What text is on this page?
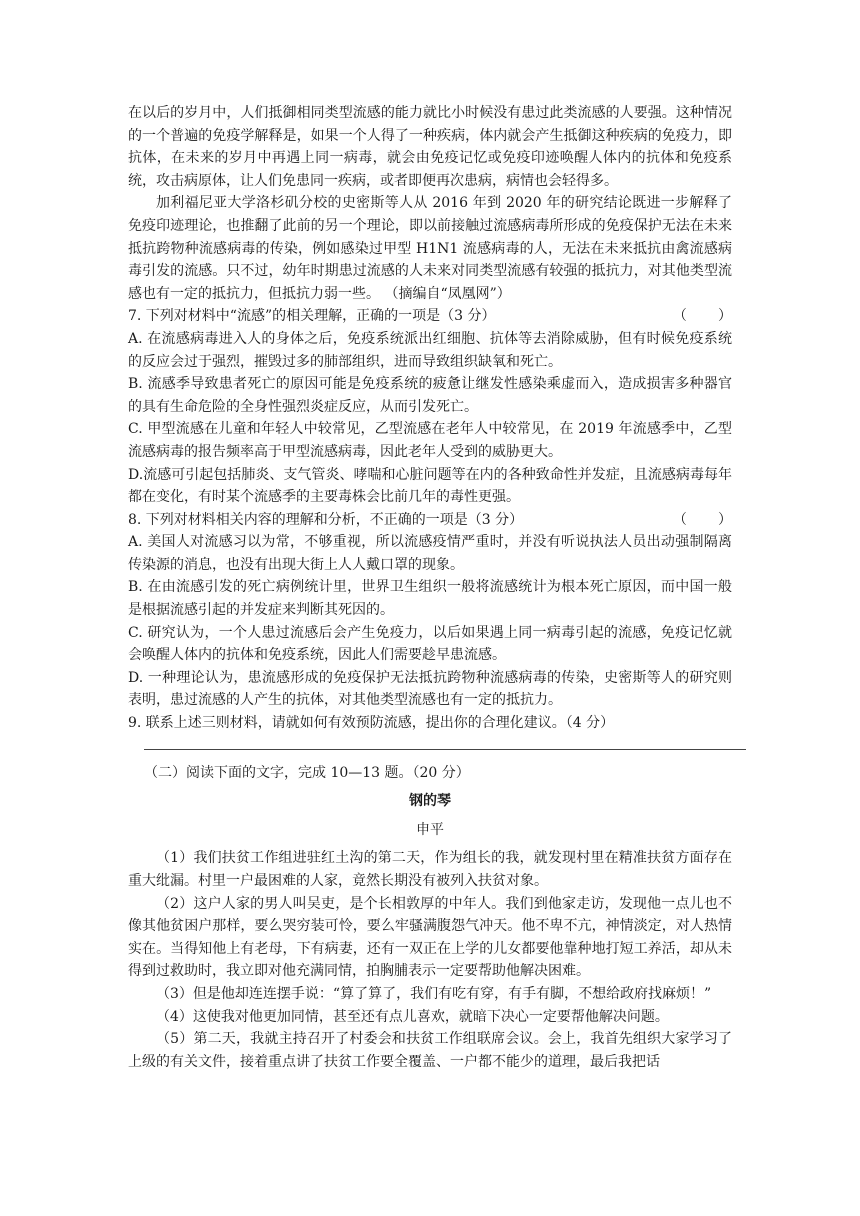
在以后的岁月中，人们抵御相同类型流感的能力就比小时候没有患过此类流感的人要强。这种情况的一个普遍的免疫学解释是，如果一个人得了一种疾病，体内就会产生抵御这种疾病的免疫力，即抗体，在未来的岁月中再遇上同一病毒，就会由免疫记忆或免疫印迹唤醒人体内的抗体和免疫系统，攻击病原体，让人们免患同一疾病，或者即便再次患病，病情也会轻得多。

加利福尼亚大学洛杉矶分校的史密斯等人从 2016 年到 2020 年的研究结论既进一步解释了免疫印迹理论，也推翻了此前的另一个理论，即以前接触过流感病毒所形成的免疫保护无法在未来抵抗跨物种流感病毒的传染，例如感染过甲型 H1N1 流感病毒的人，无法在未来抵抗由禽流感病毒引发的流感。只不过，幼年时期患过流感的人未来对同类型流感有较强的抵抗力，对其他类型流感也有一定的抵抗力，但抵抗力弱一些。 （摘编自“凤凰网”）

7. 下列对材料中“流感”的相关理解，正确的一项是（3 分）	（       ）

A. 在流感病毒进入人的身体之后，免疫系统派出红细胞、抗体等去消除威胁，但有时候免疫系统的反应会过于强烈，摧毁过多的肺部组织，进而导致组织缺氧和死亡。

B. 流感季导致患者死亡的原因可能是免疫系统的疲惫让继发性感染乘虚而入，造成损害多种器官的具有生命危险的全身性强烈炎症反应，从而引发死亡。

C. 甲型流感在儿童和年轻人中较常见，乙型流感在老年人中较常见，在 2019 年流感季中，乙型流感病毒的报告频率高于甲型流感病毒，因此老年人受到的威胁更大。

D.流感可引起包括肺炎、支气管炎、哮喘和心脏问题等在内的各种致命性并发症，且流感病毒每年都在变化，有时某个流感季的主要毒株会比前几年的毒性更强。

8. 下列对材料相关内容的理解和分析，不正确的一项是（3 分）	（       ）

A. 美国人对流感习以为常，不够重视，所以流感疫情严重时，并没有听说执法人员出动强制隔离传染源的消息，也没有出现大街上人人戴口罩的现象。

B. 在由流感引发的死亡病例统计里，世界卫生组织一般将流感统计为根本死亡原因，而中国一般是根据流感引起的并发症来判断其死因的。

C. 研究认为，一个人患过流感后会产生免疫力，以后如果遇上同一病毒引起的流感，免疫记忆就会唤醒人体内的抗体和免疫系统，因此人们需要趁早患流感。

D. 一种理论认为，患流感形成的免疫保护无法抵抗跨物种流感病毒的传染，史密斯等人的研究则表明，患过流感的人产生的抗体，对其他类型流感也有一定的抵抗力。

9. 联系上述三则材料，请就如何有效预防流感，提出你的合理化建议。（4 分）

（二）阅读下面的文字，完成 10—13 题。（20 分）

钢的琴

申平

（1）我们扶贫工作组进驻红土沟的第二天，作为组长的我，就发现村里在精准扶贫方面存在重大纰漏。村里一户最困难的人家，竟然长期没有被列入扶贫对象。

（2）这户人家的男人叫吴吏，是个长相敦厚的中年人。我们到他家走访，发现他一点儿也不像其他贫困户那样，要么哭穷装可怜，要么牢骚满腹怨气冲天。他不卑不亢，神情淡定，对人热情实在。当得知他上有老母，下有病妻，还有一双正在上学的儿女都要他靠种地打短工养活，却从未得到过救助时，我立即对他充满同情，拍胸脯表示一定要帮助他解决困难。

（3）但是他却连连摆手说：“算了算了，我们有吃有穿，有手有脚，不想给政府找麻烦！”

（4）这使我对他更加同情，甚至还有点儿喜欢，就暗下决心一定要帮他解决问题。

（5）第二天，我就主持召开了村委会和扶贫工作组联席会议。会上，我首先组织大家学习了上级的有关文件，接着重点讲了扶贫工作要全覆盖、一户都不能少的道理，最后我把话
